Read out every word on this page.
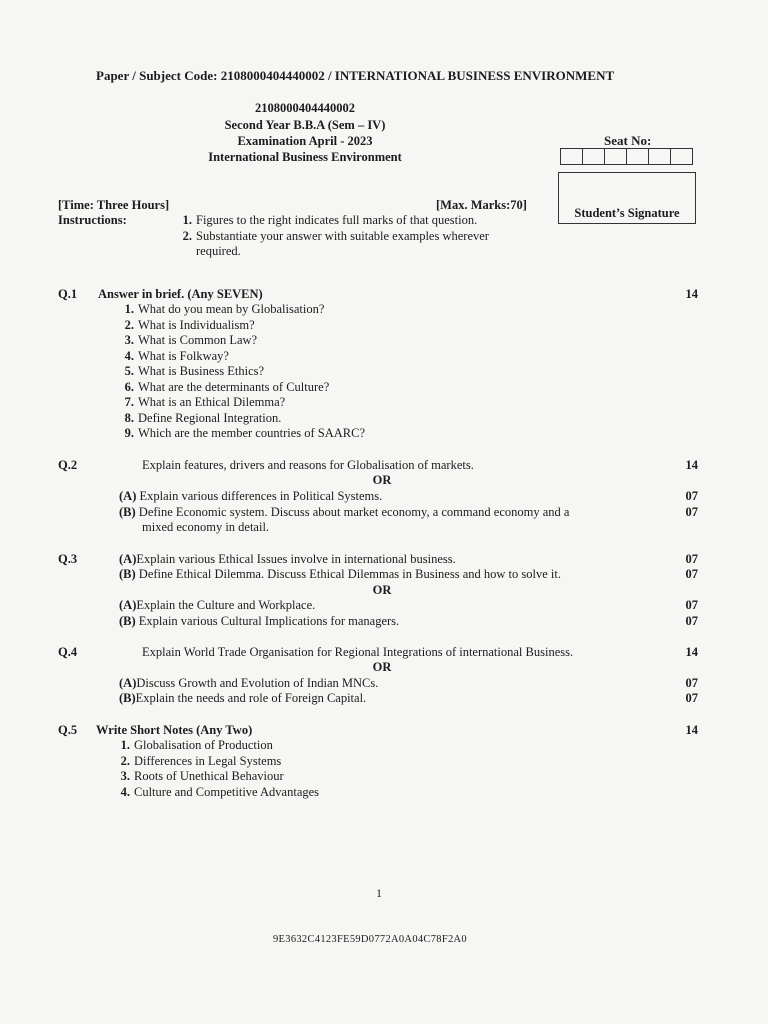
Paper / Subject Code: 2108000404440002 / INTERNATIONAL BUSINESS ENVIRONMENT
2108000404440002
Second Year B.B.A (Sem – IV)
Examination April - 2023
International Business Environment
Seat No:
Student’s Signature
[Time: Three Hours]	[Max. Marks:70]
Instructions:	1. Figures to the right indicates full marks of that question.
2. Substantiate your answer with suitable examples wherever
required.
Q.1 Answer in brief. (Any SEVEN)	14
1. What do you mean by Globalisation?
2. What is Individualism?
3. What is Common Law?
4. What is Folkway?
5. What is Business Ethics?
6. What are the determinants of Culture?
7. What is an Ethical Dilemma?
8. Define Regional Integration.
9. Which are the member countries of SAARC?
Q.2	Explain features, drivers and reasons for Globalisation of markets.	14
OR
(A) Explain various differences in Political Systems.	07
(B) Define Economic system. Discuss about market economy, a command economy and a	07
mixed economy in detail.
Q.3	(A)Explain various Ethical Issues involve in international business.	07
(B) Define Ethical Dilemma. Discuss Ethical Dilemmas in Business and how to solve it.	07
OR
(A)Explain the Culture and Workplace.	07
(B) Explain various Cultural Implications for managers.	07
Q.4	Explain World Trade Organisation for Regional Integrations of international Business.	14
OR
(A)Discuss Growth and Evolution of Indian MNCs.	07
(B)Explain the needs and role of Foreign Capital.	07
Q.5 Write Short Notes (Any Two)	14
1. Globalisation of Production
2. Differences in Legal Systems
3. Roots of Unethical Behaviour
4. Culture and Competitive Advantages
1
9E3632C4123FE59D0772A0A04C78F2A0
